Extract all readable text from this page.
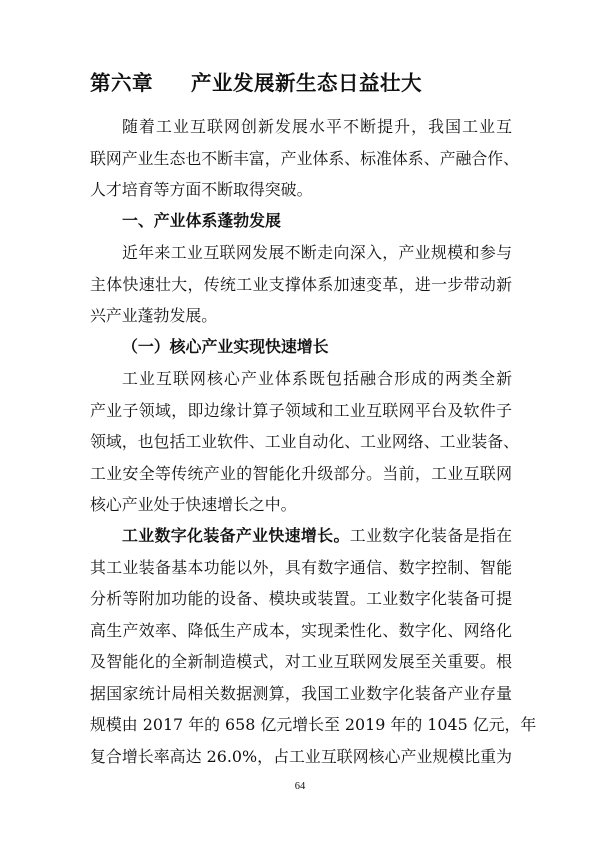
第六章 产业发展新生态日益壮大
随着工业互联网创新发展水平不断提升，我国工业互
联网产业生态也不断丰富，产业体系、标准体系、产融合作、
人才培育等方面不断取得突破。
一、产业体系蓬勃发展
近年来工业互联网发展不断走向深入，产业规模和参与
主体快速壮大，传统工业支撑体系加速变革，进一步带动新
兴产业蓬勃发展。
（一）核心产业实现快速增长
工业互联网核心产业体系既包括融合形成的两类全新
产业子领域，即边缘计算子领域和工业互联网平台及软件子
领域，也包括工业软件、工业自动化、工业网络、工业装备、
工业安全等传统产业的智能化升级部分。当前，工业互联网
核心产业处于快速增长之中。
工业数字化装备产业快速增长。工业数字化装备是指在
其工业装备基本功能以外，具有数字通信、数字控制、智能
分析等附加功能的设备、模块或装置。工业数字化装备可提
高生产效率、降低生产成本，实现柔性化、数字化、网络化
及智能化的全新制造模式，对工业互联网发展至关重要。根
据国家统计局相关数据测算，我国工业数字化装备产业存量
规模由 2017 年的 658 亿元增长至 2019 年的 1045 亿元，年
复合增长率高达 26.0%，占工业互联网核心产业规模比重为
64
